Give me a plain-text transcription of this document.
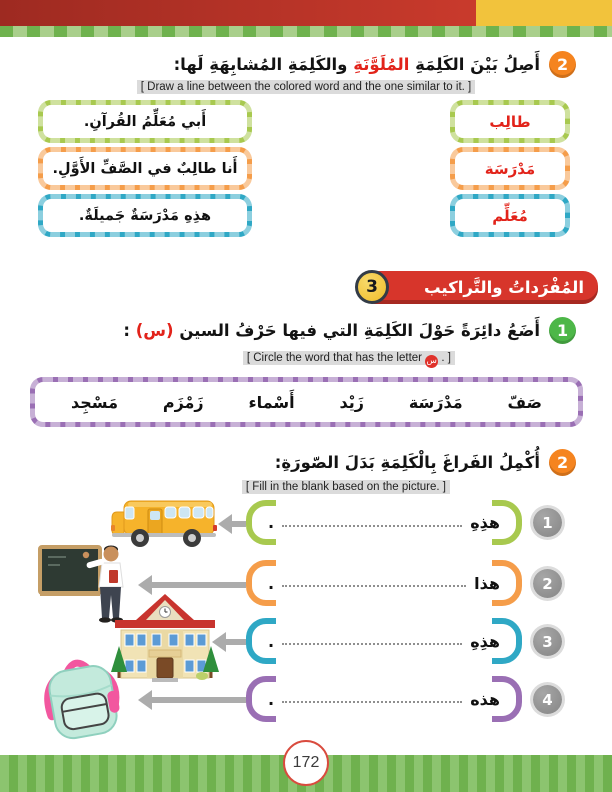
2
أَصِلُ بَيْنَ الكَلِمَةِ المُلَوَّنَةِ والكَلِمَةِ المُشابِهَةِ لَها:
[ Draw a line between the colored word and the one similar to it. ]
أَبي مُعَلِّمُ القُرآنِ.
أَنا طالِبٌ في الصَّفِّ الأَوَّلِ.
هذِهِ مَدْرَسَةٌ جَميلَةٌ.
طالِب
مَدْرَسَة
مُعَلِّم
المُفْرَداتُ والتَّراكيب
3
1
أَضَعُ دائِرَةً حَوْلَ الكَلِمَةِ التي فيها حَرْفُ السين (س) :
[ Circle the word that has the letter س . ]
صَفّ
مَدْرَسَة
زَيْد
أَسْماء
زَمْزَم
مَسْجِد
2
أُكْمِلُ الفَراغَ بِالْكَلِمَةِ بَدَلَ الصّورَةِ:
[ Fill in the blank based on the picture. ]
هذِهِ
.	1
هذا
.	2
هذِهِ
.	3
هذه
.	4
172
